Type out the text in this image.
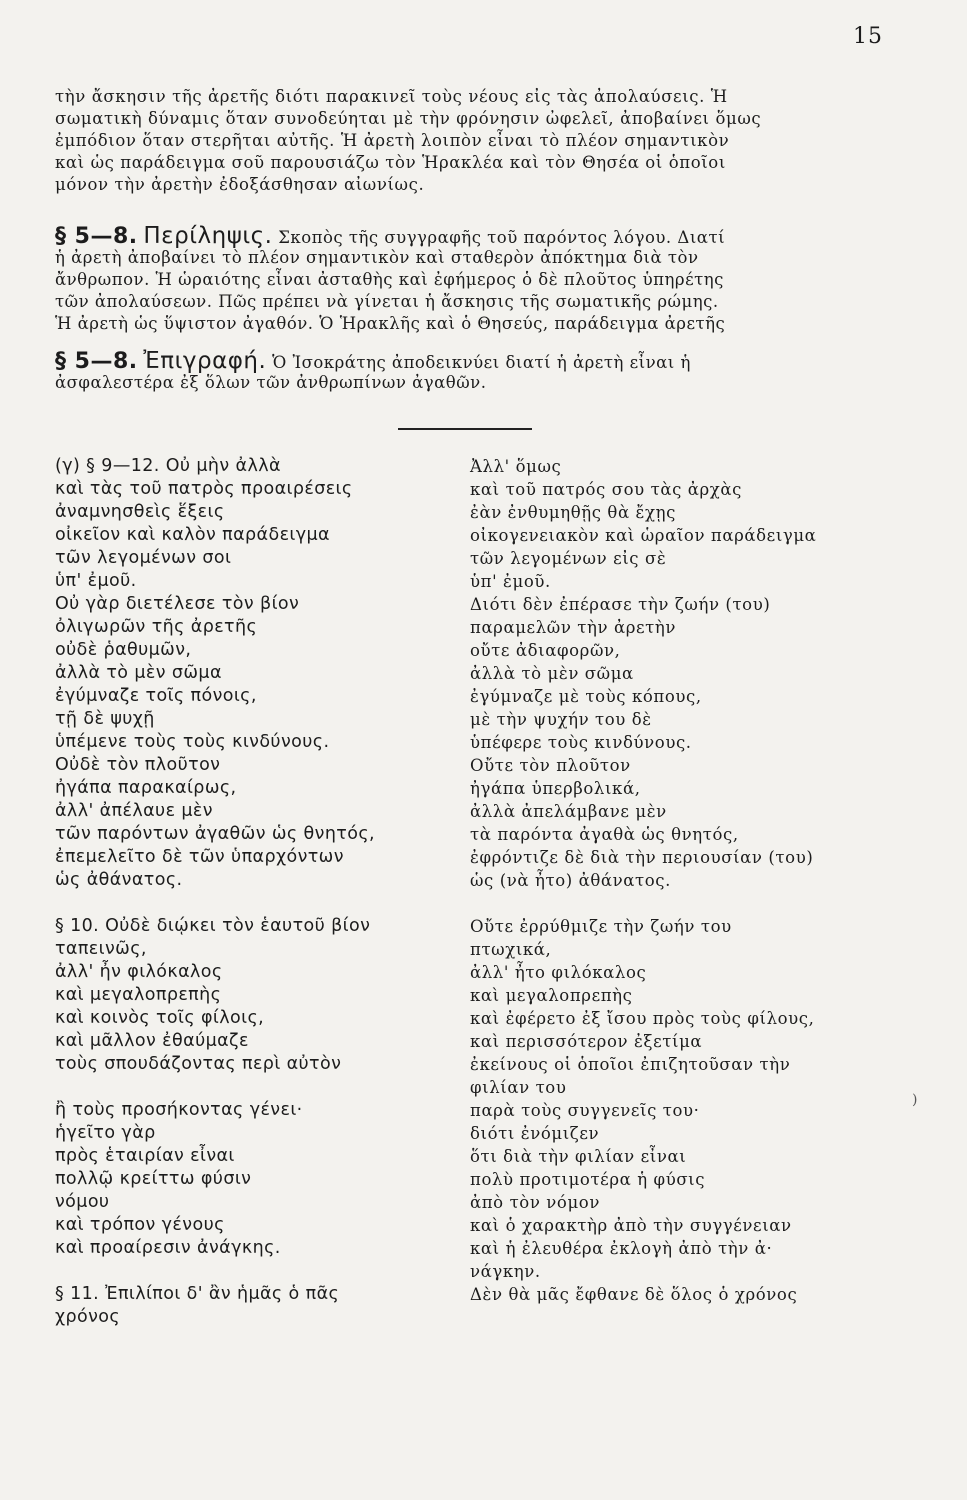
15
τὴν ἄσκησιν τῆς ἀρετῆς διότι παρακινεῖ τοὺς νέους εἰς τὰς ἀπολαύσεις. Ἡ
σωματικὴ δύναμις ὅταν συνοδεύηται μὲ τὴν φρόνησιν ὠφελεῖ, ἀποβαίνει ὅμως
ἐμπόδιον ὅταν στερῆται αὐτῆς. Ἡ ἀρετὴ λοιπὸν εἶναι τὸ πλέον σημαντικὸν
καὶ ὡς παράδειγμα σοῦ παρουσιάζω τὸν Ἡρακλέα καὶ τὸν Θησέα οἱ ὁποῖοι
μόνον τὴν ἀρετὴν ἐδοξάσθησαν αἰωνίως.
§ 5—8. Περίληψις. Σκοπὸς τῆς συγγραφῆς τοῦ παρόντος λόγου. Διατί
ἡ ἀρετὴ ἀποβαίνει τὸ πλέον σημαντικὸν καὶ σταθερὸν ἀπόκτημα διὰ τὸν
ἄνθρωπον. Ἡ ὡραιότης εἶναι ἀσταθὴς καὶ ἐφήμερος ὁ δὲ πλοῦτος ὑπηρέτης
τῶν ἀπολαύσεων. Πῶς πρέπει νὰ γίνεται ἡ ἄσκησις τῆς σωματικῆς ρώμης.
Ἡ ἀρετὴ ὡς ὕψιστον ἀγαθόν. Ὁ Ἡρακλῆς καὶ ὁ Θησεύς, παράδειγμα ἀρετῆς
§ 5—8. Ἐπιγραφή. Ὁ Ἰσοκράτης ἀποδεικνύει διατί ἡ ἀρετὴ εἶναι ἡ
ἀσφαλεστέρα ἐξ ὅλων τῶν ἀνθρωπίνων ἀγαθῶν.
(γ) § 9—12. Οὐ μὴν ἀλλὰ
καὶ τὰς τοῦ πατρὸς προαιρέσεις
ἀναμνησθεὶς ἕξεις
οἰκεῖον καὶ καλὸν παράδειγμα
τῶν λεγομένων σοι
ὑπ' ἐμοῦ.
Οὐ γὰρ διετέλεσε τὸν βίον
ὀλιγωρῶν τῆς ἀρετῆς
οὐδὲ ῥαθυμῶν,
ἀλλὰ τὸ μὲν σῶμα
ἐγύμναζε τοῖς πόνοις,
τῇ δὲ ψυχῇ
ὑπέμενε τοὺς τοὺς κινδύνους.
Οὐδὲ τὸν πλοῦτον
ἠγάπα παρακαίρως,
ἀλλ' ἀπέλαυε μὲν
τῶν παρόντων ἀγαθῶν ὡς θνητός,
ἐπεμελεῖτο δὲ τῶν ὑπαρχόντων
ὡς ἀθάνατος.
§ 10. Οὐδὲ διῴκει τὸν ἑαυτοῦ βίον
ταπεινῶς,
ἀλλ' ἦν φιλόκαλος
καὶ μεγαλοπρεπὴς
καὶ κοινὸς τοῖς φίλοις,
καὶ μᾶλλον ἐθαύμαζε
τοὺς σπουδάζοντας περὶ αὐτὸν
ἢ τοὺς προσήκοντας γένει·
ἡγεῖτο γὰρ
πρὸς ἑταιρίαν εἶναι
πολλῷ κρείττω φύσιν
νόμου
καὶ τρόπον γένους
καὶ προαίρεσιν ἀνάγκης.
§ 11. Ἐπιλίποι δ' ἂν ἡμᾶς ὁ πᾶς
χρόνος
Ἀλλ' ὅμως
καὶ τοῦ πατρός σου τὰς ἀρχὰς
ἐὰν ἐνθυμηθῇς θὰ ἔχῃς
οἰκογενειακὸν καὶ ὡραῖον παράδειγμα
τῶν λεγομένων εἰς σὲ
ὑπ' ἐμοῦ.
Διότι δὲν ἐπέρασε τὴν ζωήν (του)
παραμελῶν τὴν ἀρετὴν
οὔτε ἀδιαφορῶν,
ἀλλὰ τὸ μὲν σῶμα
ἐγύμναζε μὲ τοὺς κόπους,
μὲ τὴν ψυχήν του δὲ
ὑπέφερε τοὺς κινδύνους.
Οὔτε τὸν πλοῦτον
ἠγάπα ὑπερβολικά,
ἀλλὰ ἀπελάμβανε μὲν
τὰ παρόντα ἀγαθὰ ὡς θνητός,
ἐφρόντιζε δὲ διὰ τὴν περιουσίαν (του)
ὡς (νὰ ἦτο) ἀθάνατος.
Οὔτε ἐρρύθμιζε τὴν ζωήν του
πτωχικά,
ἀλλ' ἦτο φιλόκαλος
καὶ μεγαλοπρεπὴς
καὶ ἐφέρετο ἐξ ἴσου πρὸς τοὺς φίλους,
καὶ περισσότερον ἐξετίμα
ἐκείνους οἱ ὁποῖοι ἐπιζητοῦσαν τὴν
φιλίαν του
παρὰ τοὺς συγγενεῖς του·
διότι ἐνόμιζεν
ὅτι διὰ τὴν φιλίαν εἶναι
πολὺ προτιμοτέρα ἡ φύσις
ἀπὸ τὸν νόμον
καὶ ὁ χαρακτὴρ ἀπὸ τὴν συγγένειαν
καὶ ἡ ἐλευθέρα ἐκλογὴ ἀπὸ τὴν ἀ·
νάγκην.
Δὲν θὰ μᾶς ἔφθανε δὲ ὅλος ὁ χρόνος
)
